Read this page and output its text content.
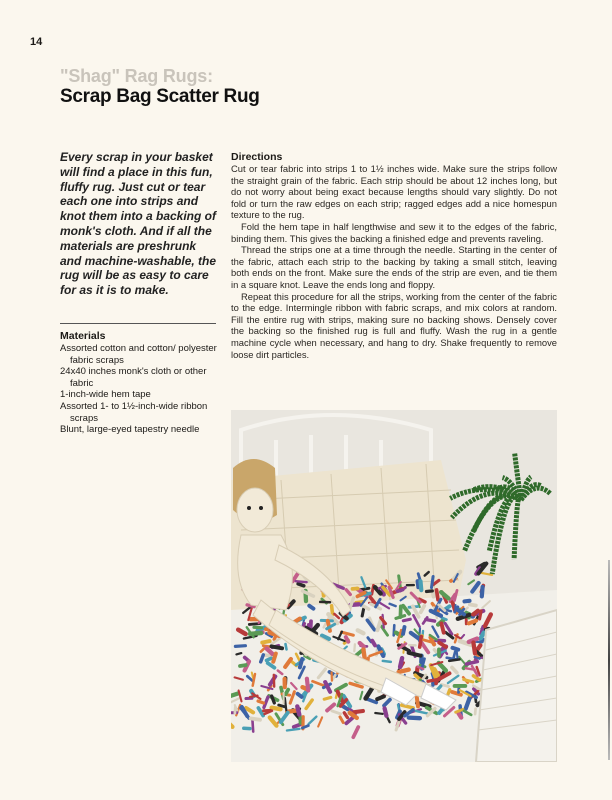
14
"Shag" Rag Rugs:
Scrap Bag Scatter Rug
Every scrap in your basket will find a place in this fun, fluffy rug. Just cut or tear each one into strips and knot them into a backing of monk's cloth. And if all the materials are preshrunk and machine-washable, the rug will be as easy to care for as it is to make.
Materials
Assorted cotton and cotton/ polyester fabric scraps
24x40 inches monk's cloth or other fabric
1-inch-wide hem tape
Assorted 1- to 1½-inch-wide ribbon scraps
Blunt, large-eyed tapestry needle
Directions

Cut or tear fabric into strips 1 to 1½ inches wide. Make sure the strips follow the straight grain of the fabric. Each strip should be about 12 inches long, but do not worry about being exact because lengths should vary slightly. Do not fold or turn the raw edges on each strip; ragged edges add a nice homespun texture to the rug.

Fold the hem tape in half lengthwise and sew it to the edges of the fabric, binding them. This gives the backing a finished edge and prevents raveling.

Thread the strips one at a time through the needle. Starting in the center of the fabric, attach each strip to the backing by taking a small stitch, leaving both ends on the front. Make sure the ends of the strip are even, and tie them in a square knot. Leave the ends long and floppy.

Repeat this procedure for all the strips, working from the center of the fabric to the edge. Intermingle ribbon with fabric scraps, and mix colors at random. Fill the entire rug with strips, making sure no backing shows. Densely cover the backing so the finished rug is full and fluffy. Wash the rug in a gentle machine cycle when necessary, and hang to dry. Shake frequently to remove loose dirt particles.
